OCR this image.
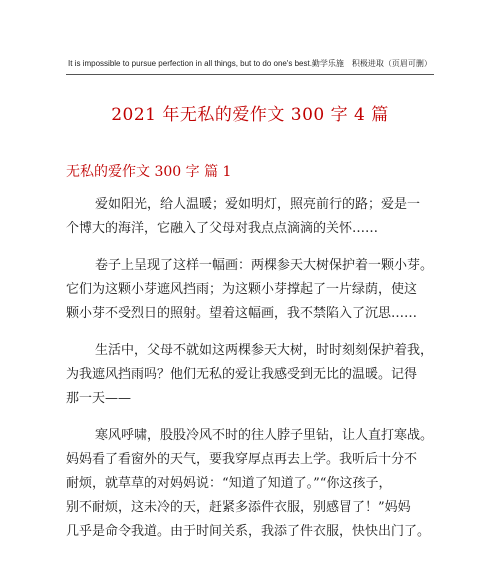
It is impossible to pursue perfection in all things, but to do one's best.勤学乐施　积极进取（页眉可删）
2021 年无私的爱作文 300 字 4 篇
无私的爱作文 300 字 篇 1
爱如阳光，给人温暖；爱如明灯，照亮前行的路；爱是一
个博大的海洋，它融入了父母对我点点滴滴的关怀……
卷子上呈现了这样一幅画：两棵参天大树保护着一颗小芽。
它们为这颗小芽遮风挡雨；为这颗小芽撑起了一片绿荫，使这
颗小芽不受烈日的照射。望着这幅画，我不禁陷入了沉思……
生活中，父母不就如这两棵参天大树，时时刻刻保护着我，
为我遮风挡雨吗？他们无私的爱让我感受到无比的温暖。记得
那一天——
寒风呼啸，股股冷风不时的往人脖子里钻，让人直打寒战。
妈妈看了看窗外的天气，要我穿厚点再去上学。我听后十分不
耐烦，就草草的对妈妈说：“知道了知道了。”“你这孩子，
别不耐烦，这未冷的天，赶紧多添件衣服，别感冒了！”妈妈
几乎是命令我道。由于时间关系，我添了件衣服，快快出门了。
